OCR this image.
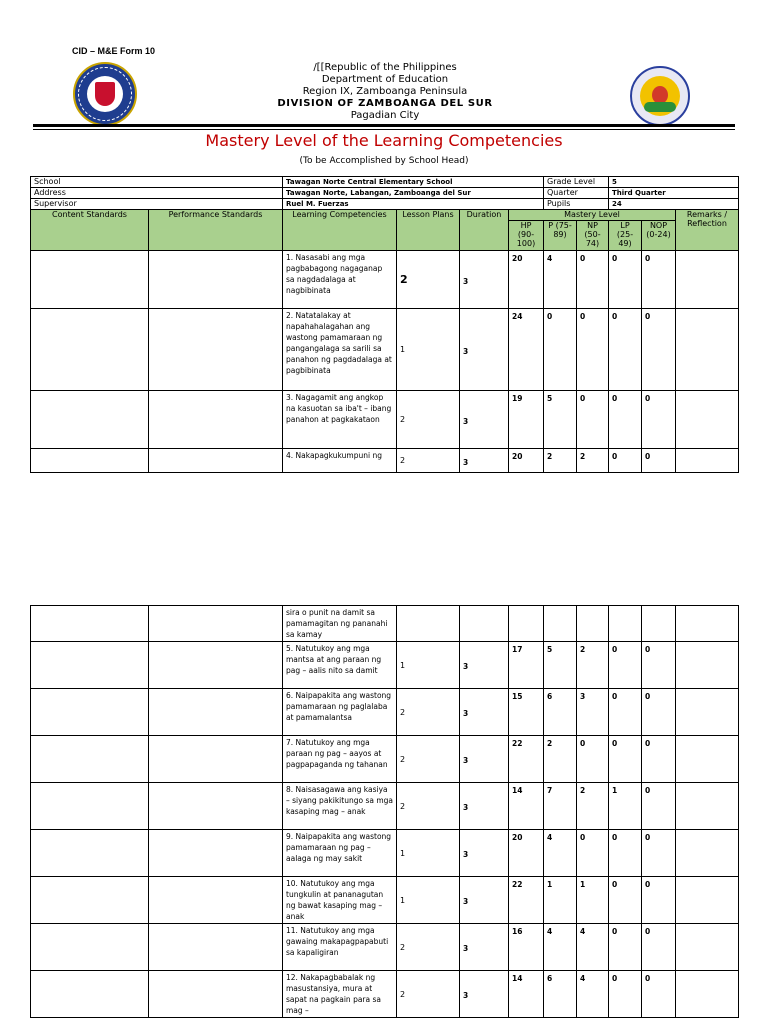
CID – M&E Form 10
/[[Republic of the Philippines
Department of Education
Region IX, Zamboanga Peninsula
DIVISION OF ZAMBOANGA DEL SUR
Pagadian City
Mastery Level of the Learning Competencies
(To be Accomplished by School Head)
School		Tawagan Norte Central Elementary School				Grade Level		5		
Address		Tawagan Norte, Labangan, Zamboanga del Sur				Quarter		Third Quarter		
Supervisor		Ruel M. Fuerzas				Pupils		24		
Content Standards	Performance Standards	Learning Competencies	Lesson Plans	Duration	Mastery Level					Remarks / Reflection
					HP (90-100)	P (75-89)	NP (50-74)	LP (25-49)	NOP (0-24)	
		1. Nasasabi ang mga pagbabagong nagaganap sa nagdadalaga at nagbibinata	2	3	20	4	0	0	0	
		2. Natatalakay at napahahalagahan ang wastong pamamaraan ng pangangalaga sa sarili sa panahon ng pagdadalaga at pagbibinata	1	3	24	0	0	0	0	
		3. Nagagamit ang angkop na kasuotan sa iba't – ibang panahon at pagkakataon	2	3	19	5	0	0	0	
		4. Nakapagkukumpuni ng	2	3	20	2	2	0	0	
		sira o punit na damit sa pamamagitan ng pananahi sa kamay								
		5. Natutukoy ang mga mantsa at ang paraan ng pag – aalis nito sa damit	1	3	17	5	2	0	0	
		6. Naipapakita ang wastong pamamaraan ng paglalaba at pamamalantsa	2	3	15	6	3	0	0	
		7. Natutukoy ang mga paraan ng pag – aayos at pagpapaganda ng tahanan	2	3	22	2	0	0	0	
		8. Naisasagawa ang kasiya – siyang pakikitungo sa mga kasaping mag – anak	2	3	14	7	2	1	0	
		9. Naipapakita ang wastong pamamaraan ng pag – aalaga ng may sakit	1	3	20	4	0	0	0	
		10. Natutukoy ang mga tungkulin at pananagutan ng bawat kasaping mag – anak	1	3	22	1	1	0	0	
		11. Natutukoy ang mga gawaing makapagpapabuti sa kapaligiran	2	3	16	4	4	0	0	
		12. Nakapagbabalak ng masustansiya, mura at sapat na pagkain para sa mag –	2	3	14	6	4	0	0	
